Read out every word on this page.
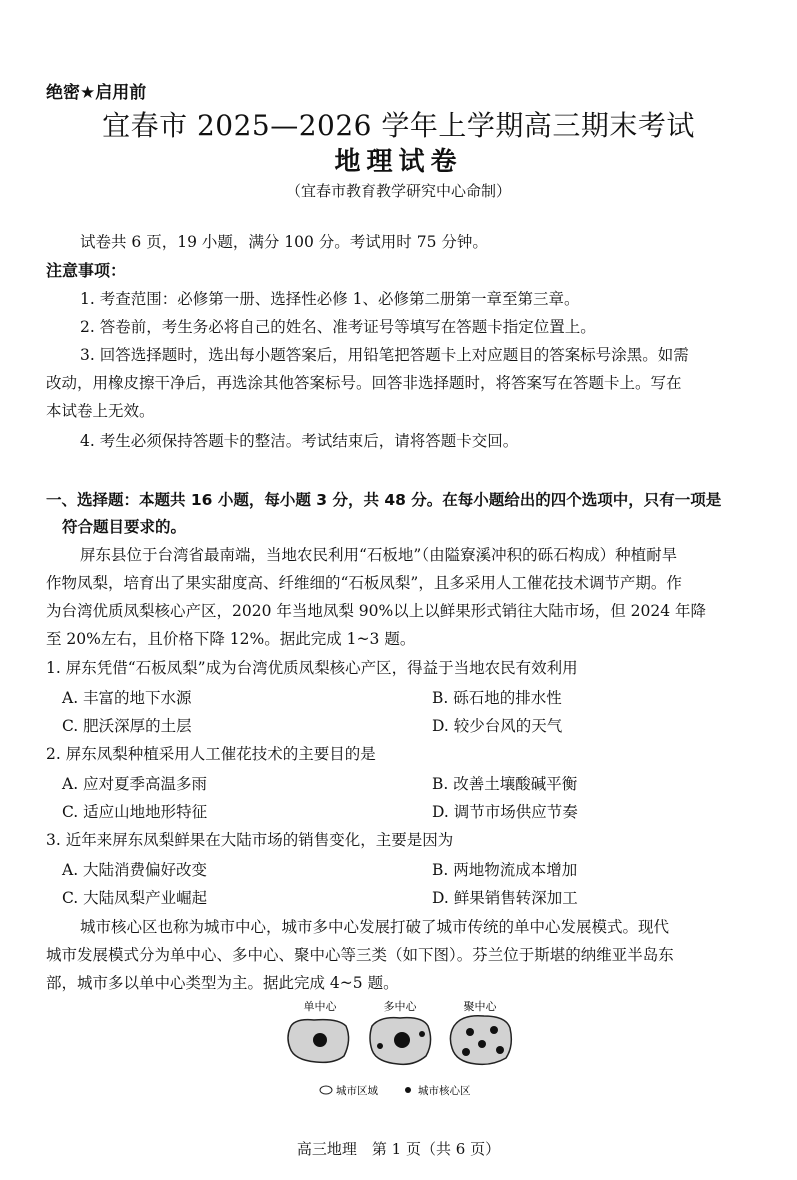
绝密★启用前
宜春市 2025—2026 学年上学期高三期末考试
地理试卷
（宜春市教育教学研究中心命制）
试卷共 6 页，19 小题，满分 100 分。考试用时 75 分钟。
注意事项：
1. 考查范围：必修第一册、选择性必修 1、必修第二册第一章至第三章。
2. 答卷前，考生务必将自己的姓名、准考证号等填写在答题卡指定位置上。
3. 回答选择题时，选出每小题答案后，用铅笔把答题卡上对应题目的答案标号涂黑。如需
改动，用橡皮擦干净后，再选涂其他答案标号。回答非选择题时，将答案写在答题卡上。写在
本试卷上无效。
4. 考生必须保持答题卡的整洁。考试结束后，请将答题卡交回。
一、选择题：本题共 16 小题，每小题 3 分，共 48 分。在每小题给出的四个选项中，只有一项是
符合题目要求的。
屏东县位于台湾省最南端，当地农民利用“石板地”（由隘寮溪冲积的砾石构成）种植耐旱
作物凤梨，培育出了果实甜度高、纤维细的“石板凤梨”，且多采用人工催花技术调节产期。作
为台湾优质凤梨核心产区，2020 年当地凤梨 90%以上以鲜果形式销往大陆市场，但 2024 年降
至 20%左右，且价格下降 12%。据此完成 1~3 题。
1. 屏东凭借“石板凤梨”成为台湾优质凤梨核心产区，得益于当地农民有效利用
A. 丰富的地下水源	B. 砾石地的排水性
C. 肥沃深厚的土层	D. 较少台风的天气
2. 屏东凤梨种植采用人工催花技术的主要目的是
A. 应对夏季高温多雨	B. 改善土壤酸碱平衡
C. 适应山地地形特征	D. 调节市场供应节奏
3. 近年来屏东凤梨鲜果在大陆市场的销售变化，主要是因为
A. 大陆消费偏好改变	B. 两地物流成本增加
C. 大陆凤梨产业崛起	D. 鲜果销售转深加工
城市核心区也称为城市中心，城市多中心发展打破了城市传统的单中心发展模式。现代
城市发展模式分为单中心、多中心、聚中心等三类（如下图）。芬兰位于斯堪的纳维亚半岛东
部，城市多以单中心类型为主。据此完成 4~5 题。
单中心	多中心	聚中心
城市区域	城市核心区
高三地理　第 1 页（共 6 页）
